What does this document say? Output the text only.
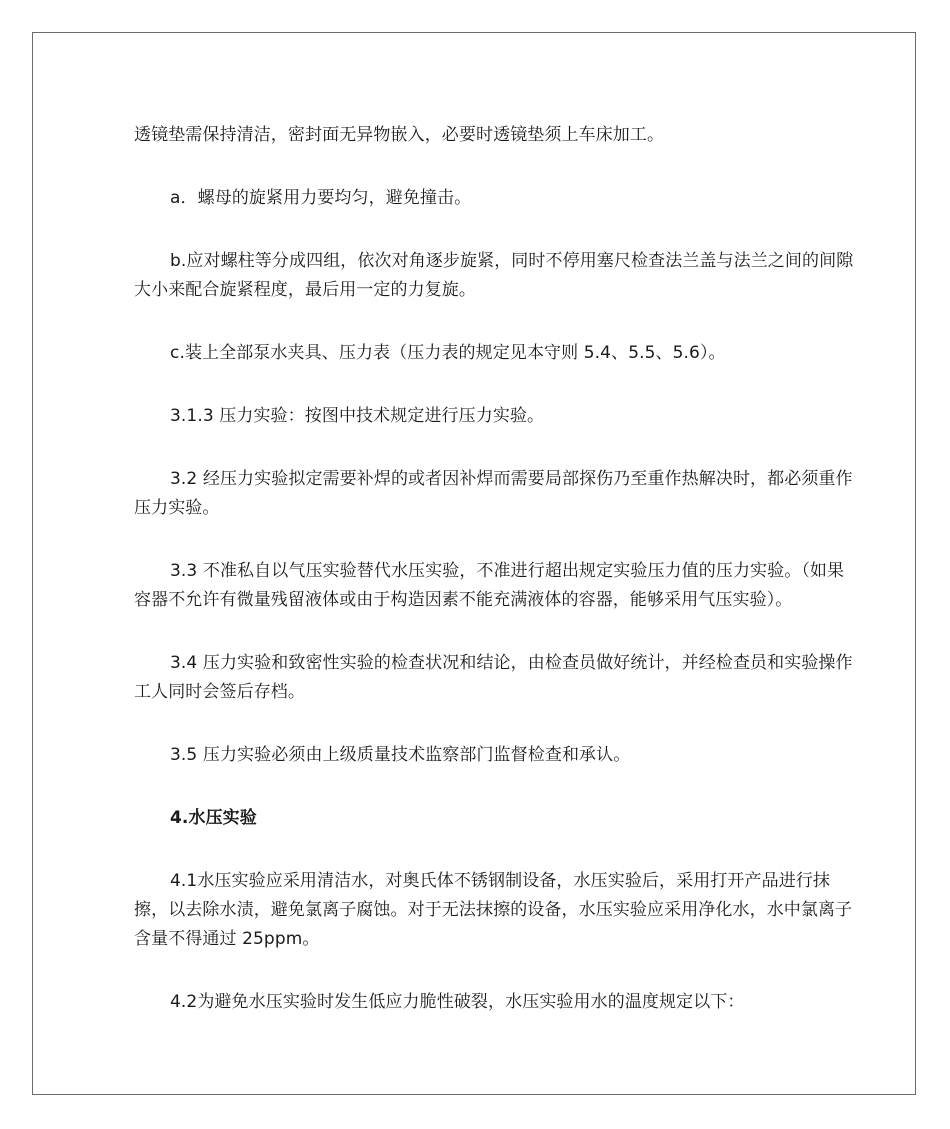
透镜垫需保持清洁，密封面无异物嵌入，必要时透镜垫须上车床加工。

a．螺母的旋紧用力要均匀，避免撞击。

b.应对螺柱等分成四组，依次对角逐步旋紧，同时不停用塞尺检查法兰盖与法兰之间的间隙大小来配合旋紧程度，最后用一定的力复旋。

c.装上全部泵水夹具、压力表（压力表的规定见本守则 5.4、5.5、5.6）。

3.1.3 压力实验：按图中技术规定进行压力实验。

3.2 经压力实验拟定需要补焊的或者因补焊而需要局部探伤乃至重作热解决时，都必须重作压力实验。

3.3 不准私自以气压实验替代水压实验，不准进行超出规定实验压力值的压力实验。（如果容器不允许有微量残留液体或由于构造因素不能充满液体的容器，能够采用气压实验）。

3.4 压力实验和致密性实验的检查状况和结论，由检查员做好统计，并经检查员和实验操作工人同时会签后存档。

3.5 压力实验必须由上级质量技术监察部门监督检查和承认。

4.水压实验

4.1水压实验应采用清洁水，对奥氏体不锈钢制设备，水压实验后，采用打开产品进行抹擦，以去除水渍，避免氯离子腐蚀。对于无法抹擦的设备，水压实验应采用净化水，水中氯离子含量不得通过 25ppm。

4.2为避免水压实验时发生低应力脆性破裂，水压实验用水的温度规定以下：
